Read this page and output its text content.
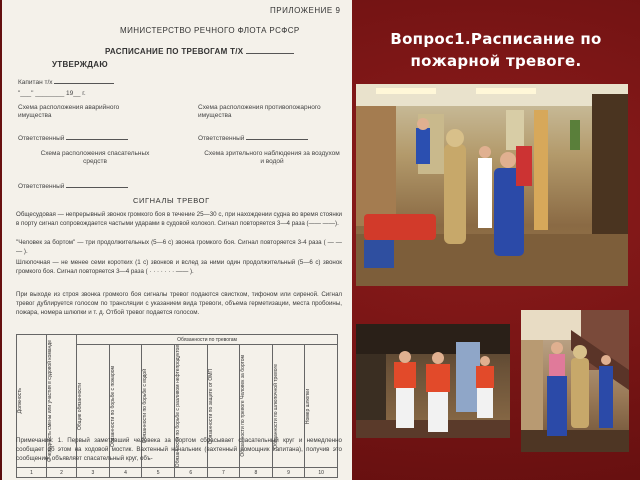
ПРИЛОЖЕНИЕ 9
МИНИСТЕРСТВО РЕЧНОГО ФЛОТА РСФСР
РАСПИСАНИЕ ПО ТРЕВОГАМ Т/Х
УТВЕРЖДАЮ
Капитан т/х
"___" ________ 19__ г.
Схема расположения аварийного имущества
Схема расположения противопожарного имущества
Ответственный	Ответственный
Схема расположения спасательных средств
Схема зрительного наблюдения за воздухом и водой
Ответственный
СИГНАЛЫ ТРЕВОГ
Общесудовая — непрерывный звонок громкого боя в течение 25—30 с, при нахождении судна во время стоянки в порту сигнал сопровождается частыми ударами в судовой колокол. Сигнал повторяется 3—4 раза (—— ——).
"Человек за бортом" — три продолжительных (5—6 с) звонка громкого боя. Сигнал повторяется 3-4 раза ( — — — ).
Шлюпочная — не менее семи коротких (1 с) звонков и вслед за ними один продолжительный (5—6 с) звонок громкого боя. Сигнал повторяется 3—4 раза ( · · · · · · · —— ).
При выходе из строя звонка громкого боя сигналы тревог подаются свистком, тифоном или сиреной. Сигнал тревог дублируется голосом по трансляции с указанием вида тревоги, объема герметизации, места пробоины, пожара, номера шлюпки и т. д. Отбой тревог подается голосом.
Должность	Очередность смены или участия в судовой команде	Обязанности по тревогам							

		Общие обязанности	Обязанности по борьбе с пожаром	Обязанности по борьбе с водой	Обязанности по борьбе с разливом нефтепродуктов	Обязанности по защите от ОМП	Обязанности по тревоге Человек за бортом	Обязанности по шлюпочной тревоге	Номер шлюпки

1	2	3	4	5	6	7	8	9	10
Примечания: 1. Первый заметивший человека за бортом сбрасывает спасательный круг и немедленно сообщает об этом на ходовой мостик. Вахтенный начальник (вахтенный помощник капитана), получив это сообщение, объявляет спасательный круг, объ-
Вопрос1.Расписание по пожарной тревоге.
